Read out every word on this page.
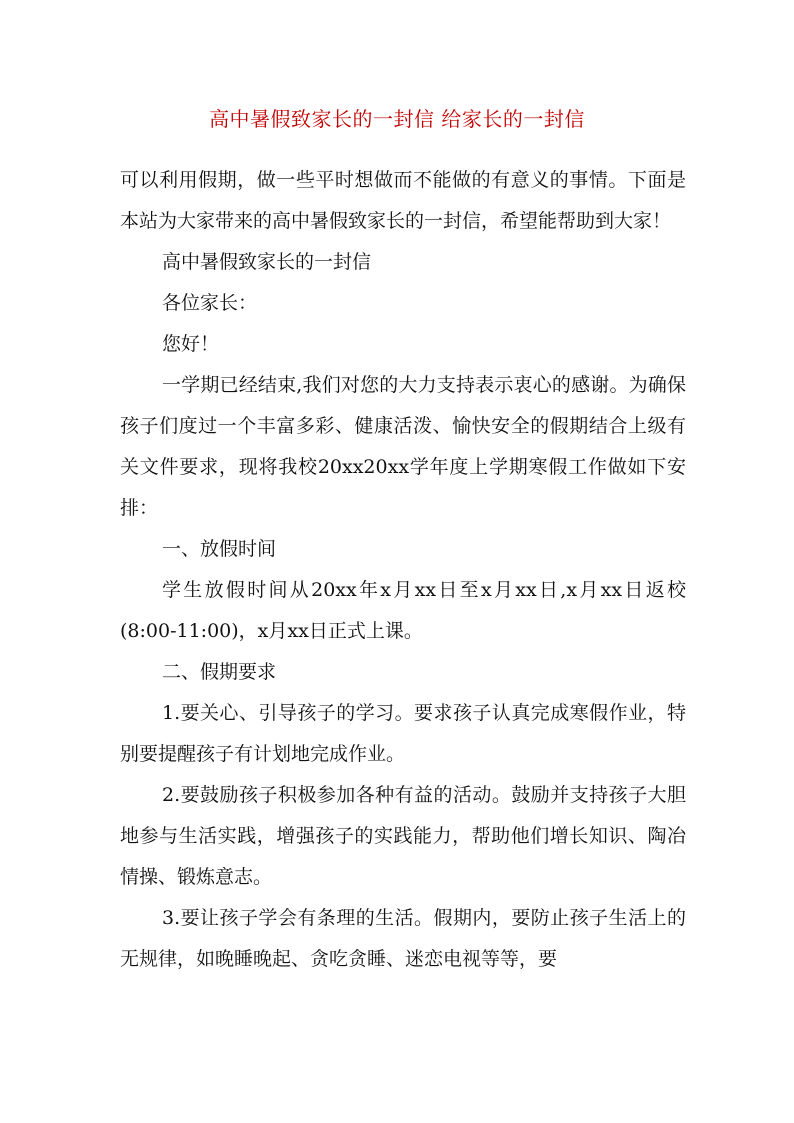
高中暑假致家长的一封信 给家长的一封信

可以利用假期，做一些平时想做而不能做的有意义的事情。下面是本站为大家带来的高中暑假致家长的一封信，希望能帮助到大家！

高中暑假致家长的一封信

各位家长：

您好！

一学期已经结束,我们对您的大力支持表示衷心的感谢。为确保孩子们度过一个丰富多彩、健康活泼、愉快安全的假期结合上级有关文件要求，现将我校20xx20xx学年度上学期寒假工作做如下安排：

一、放假时间

学生放假时间从20xx年x月xx日至x月xx日,x月xx日返校(8:00-11:00)，x月xx日正式上课。

二、假期要求

1.要关心、引导孩子的学习。要求孩子认真完成寒假作业，特别要提醒孩子有计划地完成作业。

2.要鼓励孩子积极参加各种有益的活动。鼓励并支持孩子大胆地参与生活实践，增强孩子的实践能力，帮助他们增长知识、陶冶情操、锻炼意志。

3.要让孩子学会有条理的生活。假期内，要防止孩子生活上的无规律，如晚睡晚起、贪吃贪睡、迷恋电视等等，要
